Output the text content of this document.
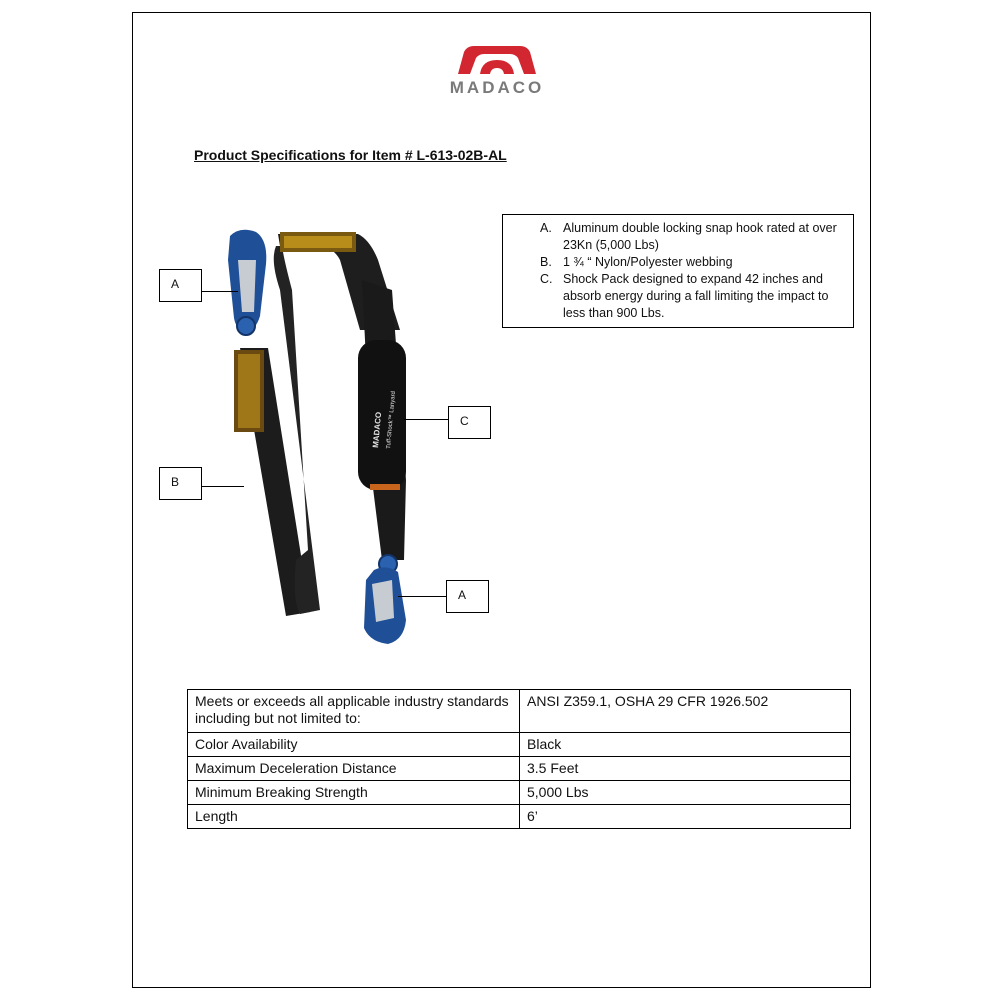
MADACO
Product Specifications for Item # L-613-02B-AL
A. Aluminum double locking snap hook rated at over 23Kn (5,000 Lbs)
B. 1 ¾ “ Nylon/Polyester webbing
C. Shock Pack designed to expand 42 inches and absorb energy during a fall limiting the impact to less than 900 Lbs.
MADACO Tuff-Shock™ Lanyard
A
B
C
A
Meets or exceeds all applicable industry standards including but not limited to:	ANSI Z359.1, OSHA 29 CFR 1926.502
Color Availability	Black
Maximum Deceleration Distance	3.5 Feet
Minimum Breaking Strength	5,000 Lbs
Length	6’
